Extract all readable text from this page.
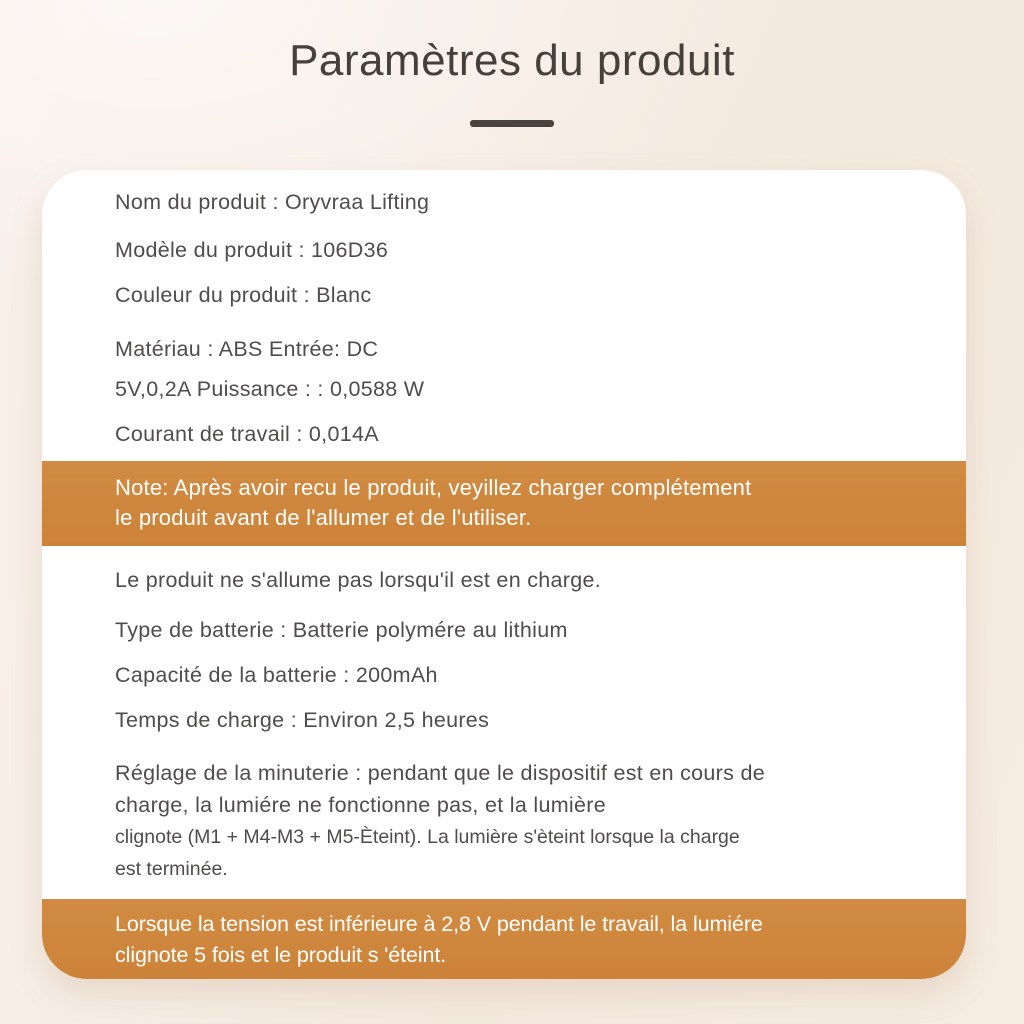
Paramètres du produit

Nom du produit : Oryvraa Lifting

Modèle du produit : 106D36

Couleur du produit : Blanc

Matériau : ABS Entrée: DC

5V,0,2A Puissance : : 0,0588 W

Courant de travail : 0,014A

Note: Après avoir recu le produit, veyillez charger complétement

le produit avant de l'allumer et de l'utiliser.

Le produit ne s'allume pas lorsqu'il est en charge.

Type de batterie : Batterie polymére au lithium

Capacité de la batterie : 200mAh

Temps de charge : Environ 2,5 heures

Réglage de la minuterie : pendant que le dispositif est en cours de

charge, la lumiére ne fonctionne pas, et la lumière

clignote (M1 + M4-M3 + M5-Èteint). La lumière s'èteint lorsque la charge

est terminée.

Lorsque la tension est inférieure à 2,8 V pendant le travail, la lumiére

clignote 5 fois et le produit s 'éteint.
